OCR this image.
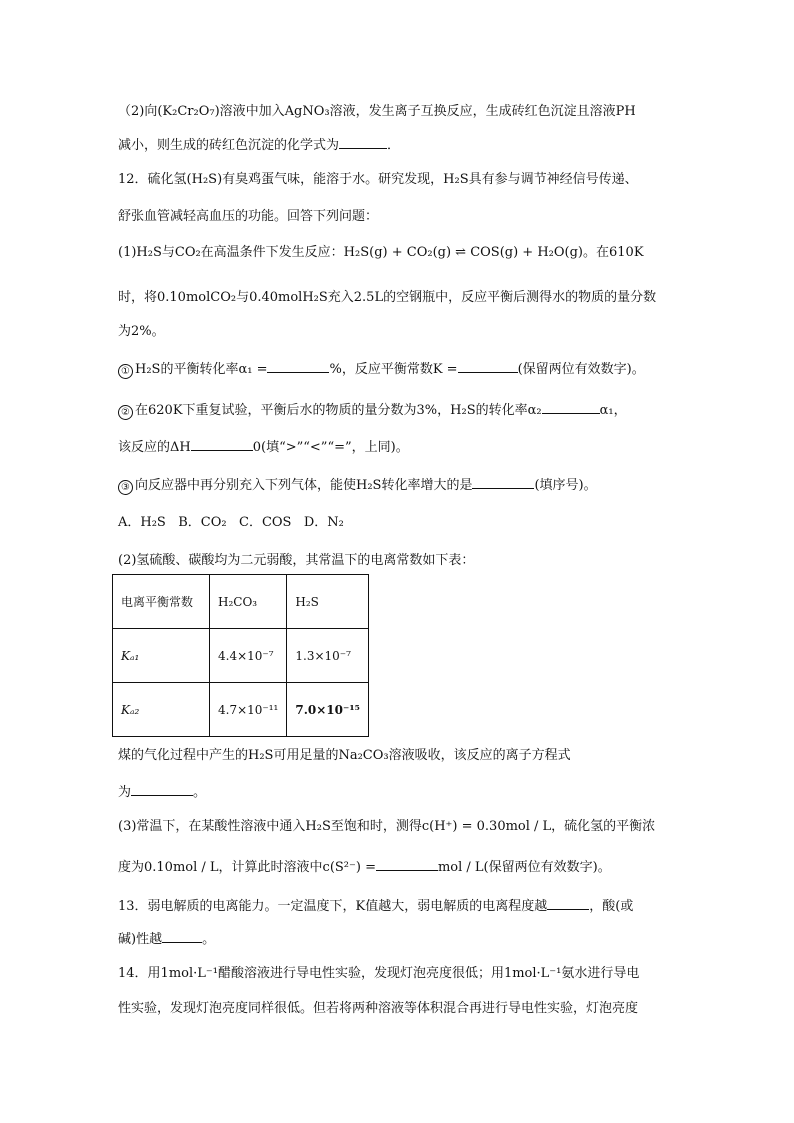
（2)向(K₂Cr₂O₇)溶液中加入AgNO₃溶液，发生离子互换反应，生成砖红色沉淀且溶液PH
减小，则生成的砖红色沉淀的化学式为	．
12．硫化氢(H₂S)有臭鸡蛋气味，能溶于水。研究发现，H₂S具有参与调节神经信号传递、
舒张血管减轻高血压的功能。回答下列问题：
(1)H₂S与CO₂在高温条件下发生反应：H₂S(g) + CO₂(g) ⇌ COS(g) + H₂O(g)。在610K
时，将0.10molCO₂与0.40molH₂S充入2.5L的空钢瓶中，反应平衡后测得水的物质的量分数
为2%。
① H₂S的平衡转化率α₁ =	%，反应平衡常数K =	(保留两位有效数字)。
② 在620K下重复试验，平衡后水的物质的量分数为3%，H₂S的转化率α₂	α₁，
该反应的ΔH	0(填“>”“<”“=”，上同)。
③ 向反应器中再分别充入下列气体，能使H₂S转化率增大的是	(填序号)。
A．H₂S   B．CO₂   C．COS   D．N₂
(2)氢硫酸、碳酸均为二元弱酸，其常温下的电离常数如下表：
电离平衡常数	H₂CO₃	H₂S
Kₐ₁	4.4×10⁻⁷	1.3×10⁻⁷
Kₐ₂	4.7×10⁻¹¹	7.0×10⁻¹⁵
煤的气化过程中产生的H₂S可用足量的Na₂CO₃溶液吸收，该反应的离子方程式
为	。
(3)常温下，在某酸性溶液中通入H₂S至饱和时，测得c(H⁺) = 0.30mol / L，硫化氢的平衡浓
度为0.10mol / L，计算此时溶液中c(S²⁻) =	mol / L(保留两位有效数字)。
13．弱电解质的电离能力。一定温度下，K值越大，弱电解质的电离程度越	，酸(或
碱)性越	。
14．用1mol·L⁻¹醋酸溶液进行导电性实验，发现灯泡亮度很低；用1mol·L⁻¹氨水进行导电
性实验，发现灯泡亮度同样很低。但若将两种溶液等体积混合再进行导电性实验，灯泡亮度
